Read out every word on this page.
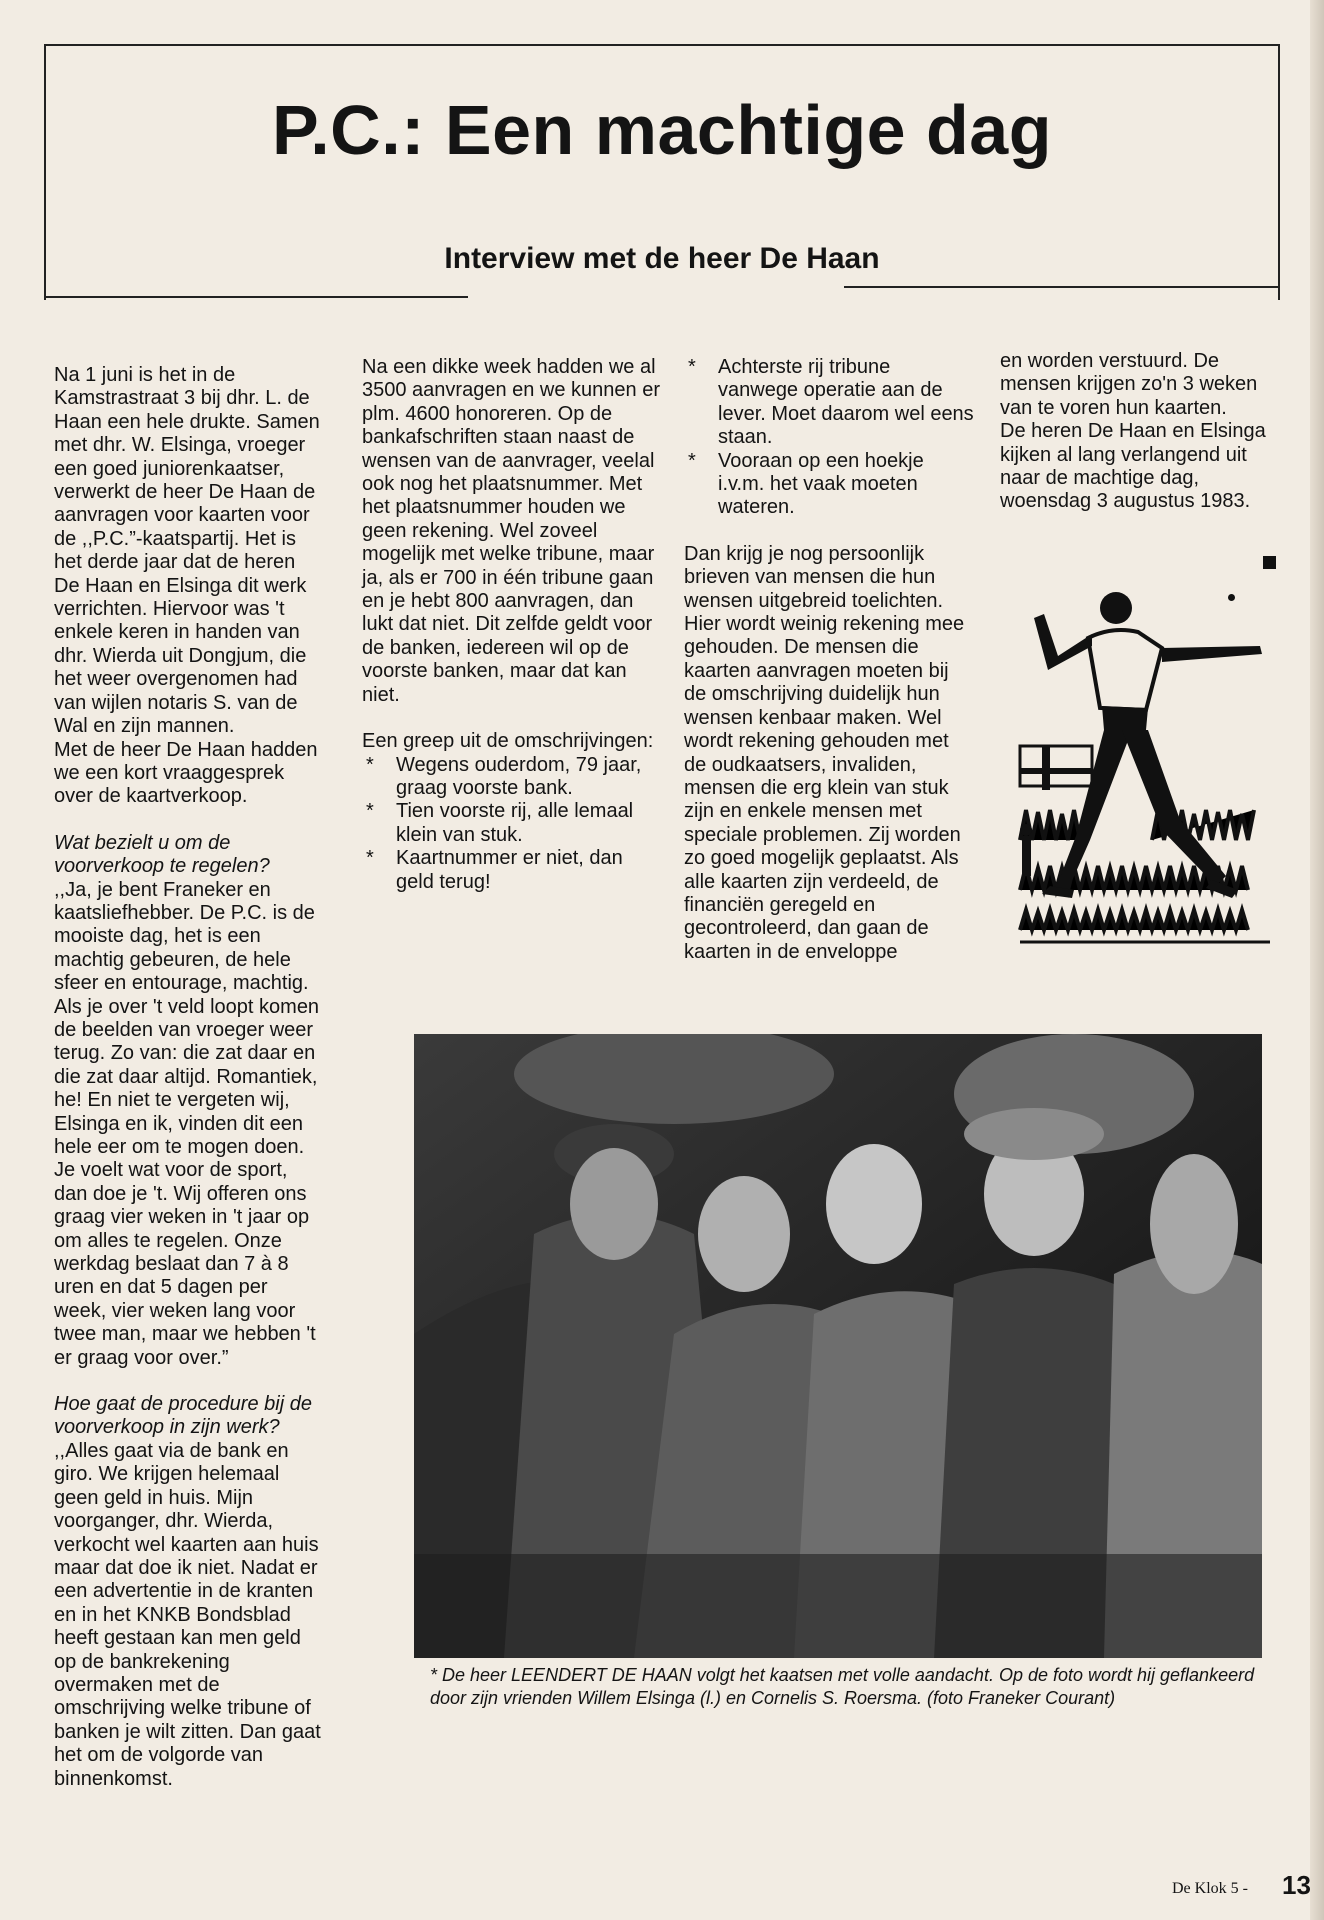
P.C.: Een machtige dag
Interview met de heer De Haan

Na 1 juni is het in de Kamstrastraat 3 bij dhr. L. de Haan een hele drukte. Samen met dhr. W. Elsinga, vroeger een goed juniorenkaatser, verwerkt de heer De Haan de aanvragen voor kaarten voor de ,,P.C.”-kaatspartij. Het is het derde jaar dat de heren De Haan en Elsinga dit werk verrichten. Hiervoor was 't enkele keren in handen van dhr. Wierda uit Dongjum, die het weer overgenomen had van wijlen notaris S. van de Wal en zijn mannen.

Met de heer De Haan hadden we een kort vraaggesprek over de kaartverkoop.

Wat bezielt u om de voorverkoop te regelen?

,,Ja, je bent Franeker en kaatsliefhebber. De P.C. is de mooiste dag, het is een machtig gebeuren, de hele sfeer en entourage, machtig. Als je over 't veld loopt komen de beelden van vroeger weer terug. Zo van: die zat daar en die zat daar altijd. Romantiek, he! En niet te vergeten wij, Elsinga en ik, vinden dit een hele eer om te mogen doen. Je voelt wat voor de sport, dan doe je 't. Wij offeren ons graag vier weken in 't jaar op om alles te regelen. Onze werkdag beslaat dan 7 à 8 uren en dat 5 dagen per week, vier weken lang voor twee man, maar we hebben 't er graag voor over.”

Hoe gaat de procedure bij de voorverkoop in zijn werk?

,,Alles gaat via de bank en giro. We krijgen helemaal geen geld in huis. Mijn voorganger, dhr. Wierda, verkocht wel kaarten aan huis maar dat doe ik niet. Nadat er een advertentie in de kranten en in het KNKB Bondsblad heeft gestaan kan men geld op de bankrekening overmaken met de omschrijving welke tribune of banken je wilt zitten. Dan gaat het om de volgorde van binnenkomst.

Na een dikke week hadden we al 3500 aanvragen en we kunnen er plm. 4600 honoreren. Op de bankafschriften staan naast de wensen van de aanvrager, veelal ook nog het plaatsnummer. Met het plaatsnummer houden we geen rekening. Wel zoveel mogelijk met welke tribune, maar ja, als er 700 in één tribune gaan en je hebt 800 aanvragen, dan lukt dat niet. Dit zelfde geldt voor de banken, iedereen wil op de voorste banken, maar dat kan niet.

Een greep uit de omschrijvingen:

* Wegens ouderdom, 79 jaar, graag voorste bank.
* Tien voorste rij, alle lemaal klein van stuk.
* Kaartnummer er niet, dan geld terug!
* Achterste rij tribune vanwege operatie aan de lever. Moet daarom wel eens staan.
* Vooraan op een hoekje i.v.m. het vaak moeten wateren.

Dan krijg je nog persoonlijk brieven van mensen die hun wensen uitgebreid toelichten. Hier wordt weinig rekening mee gehouden. De mensen die kaarten aanvragen moeten bij de omschrijving duidelijk hun wensen kenbaar maken. Wel wordt rekening gehouden met de oudkaatsers, invaliden, mensen die erg klein van stuk zijn en enkele mensen met speciale problemen. Zij worden zo goed mogelijk geplaatst. Als alle kaarten zijn verdeeld, de financiën geregeld en gecontroleerd, dan gaan de kaarten in de enveloppe

en worden verstuurd. De mensen krijgen zo'n 3 weken van te voren hun kaarten.

De heren De Haan en Elsinga kijken al lang verlangend uit naar de machtige dag, woensdag 3 augustus 1983.

* De heer LEENDERT DE HAAN volgt het kaatsen met volle aandacht. Op de foto wordt hij geflankeerd door zijn vrienden Willem Elsinga (l.) en Cornelis S. Roersma. (foto Franeker Courant)
De Klok 5 - 13
